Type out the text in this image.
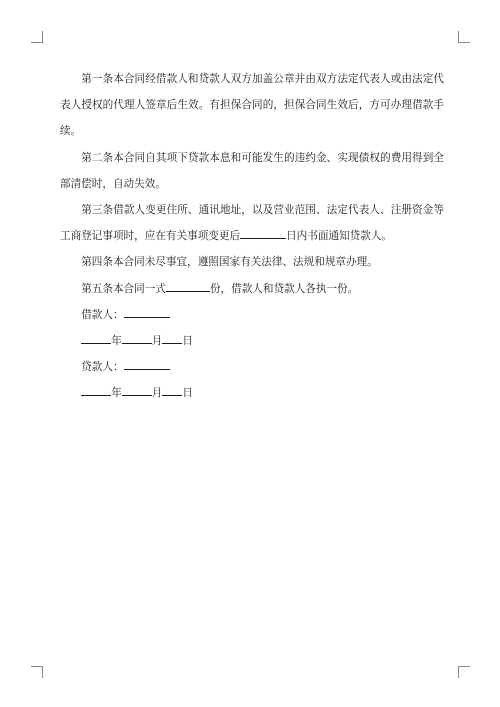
第一条本合同经借款人和贷款人双方加盖公章并由双方法定代表人或由法定代表人授权的代理人签章后生效。有担保合同的，担保合同生效后，方可办理借款手续。

第二条本合同自其项下贷款本息和可能发生的违约金、实现债权的费用得到全部清偿时，自动失效。

第三条借款人变更住所、通讯地址，以及营业范围、法定代表人、注册资金等工商登记事项时，应在有关事项变更后	日内书面通知贷款人。

第四条本合同未尽事宜，遵照国家有关法律、法规和规章办理。

第五条本合同一式	份，借款人和贷款人各执一份。

借款人：

年	月 日

贷款人：

年	月 日
